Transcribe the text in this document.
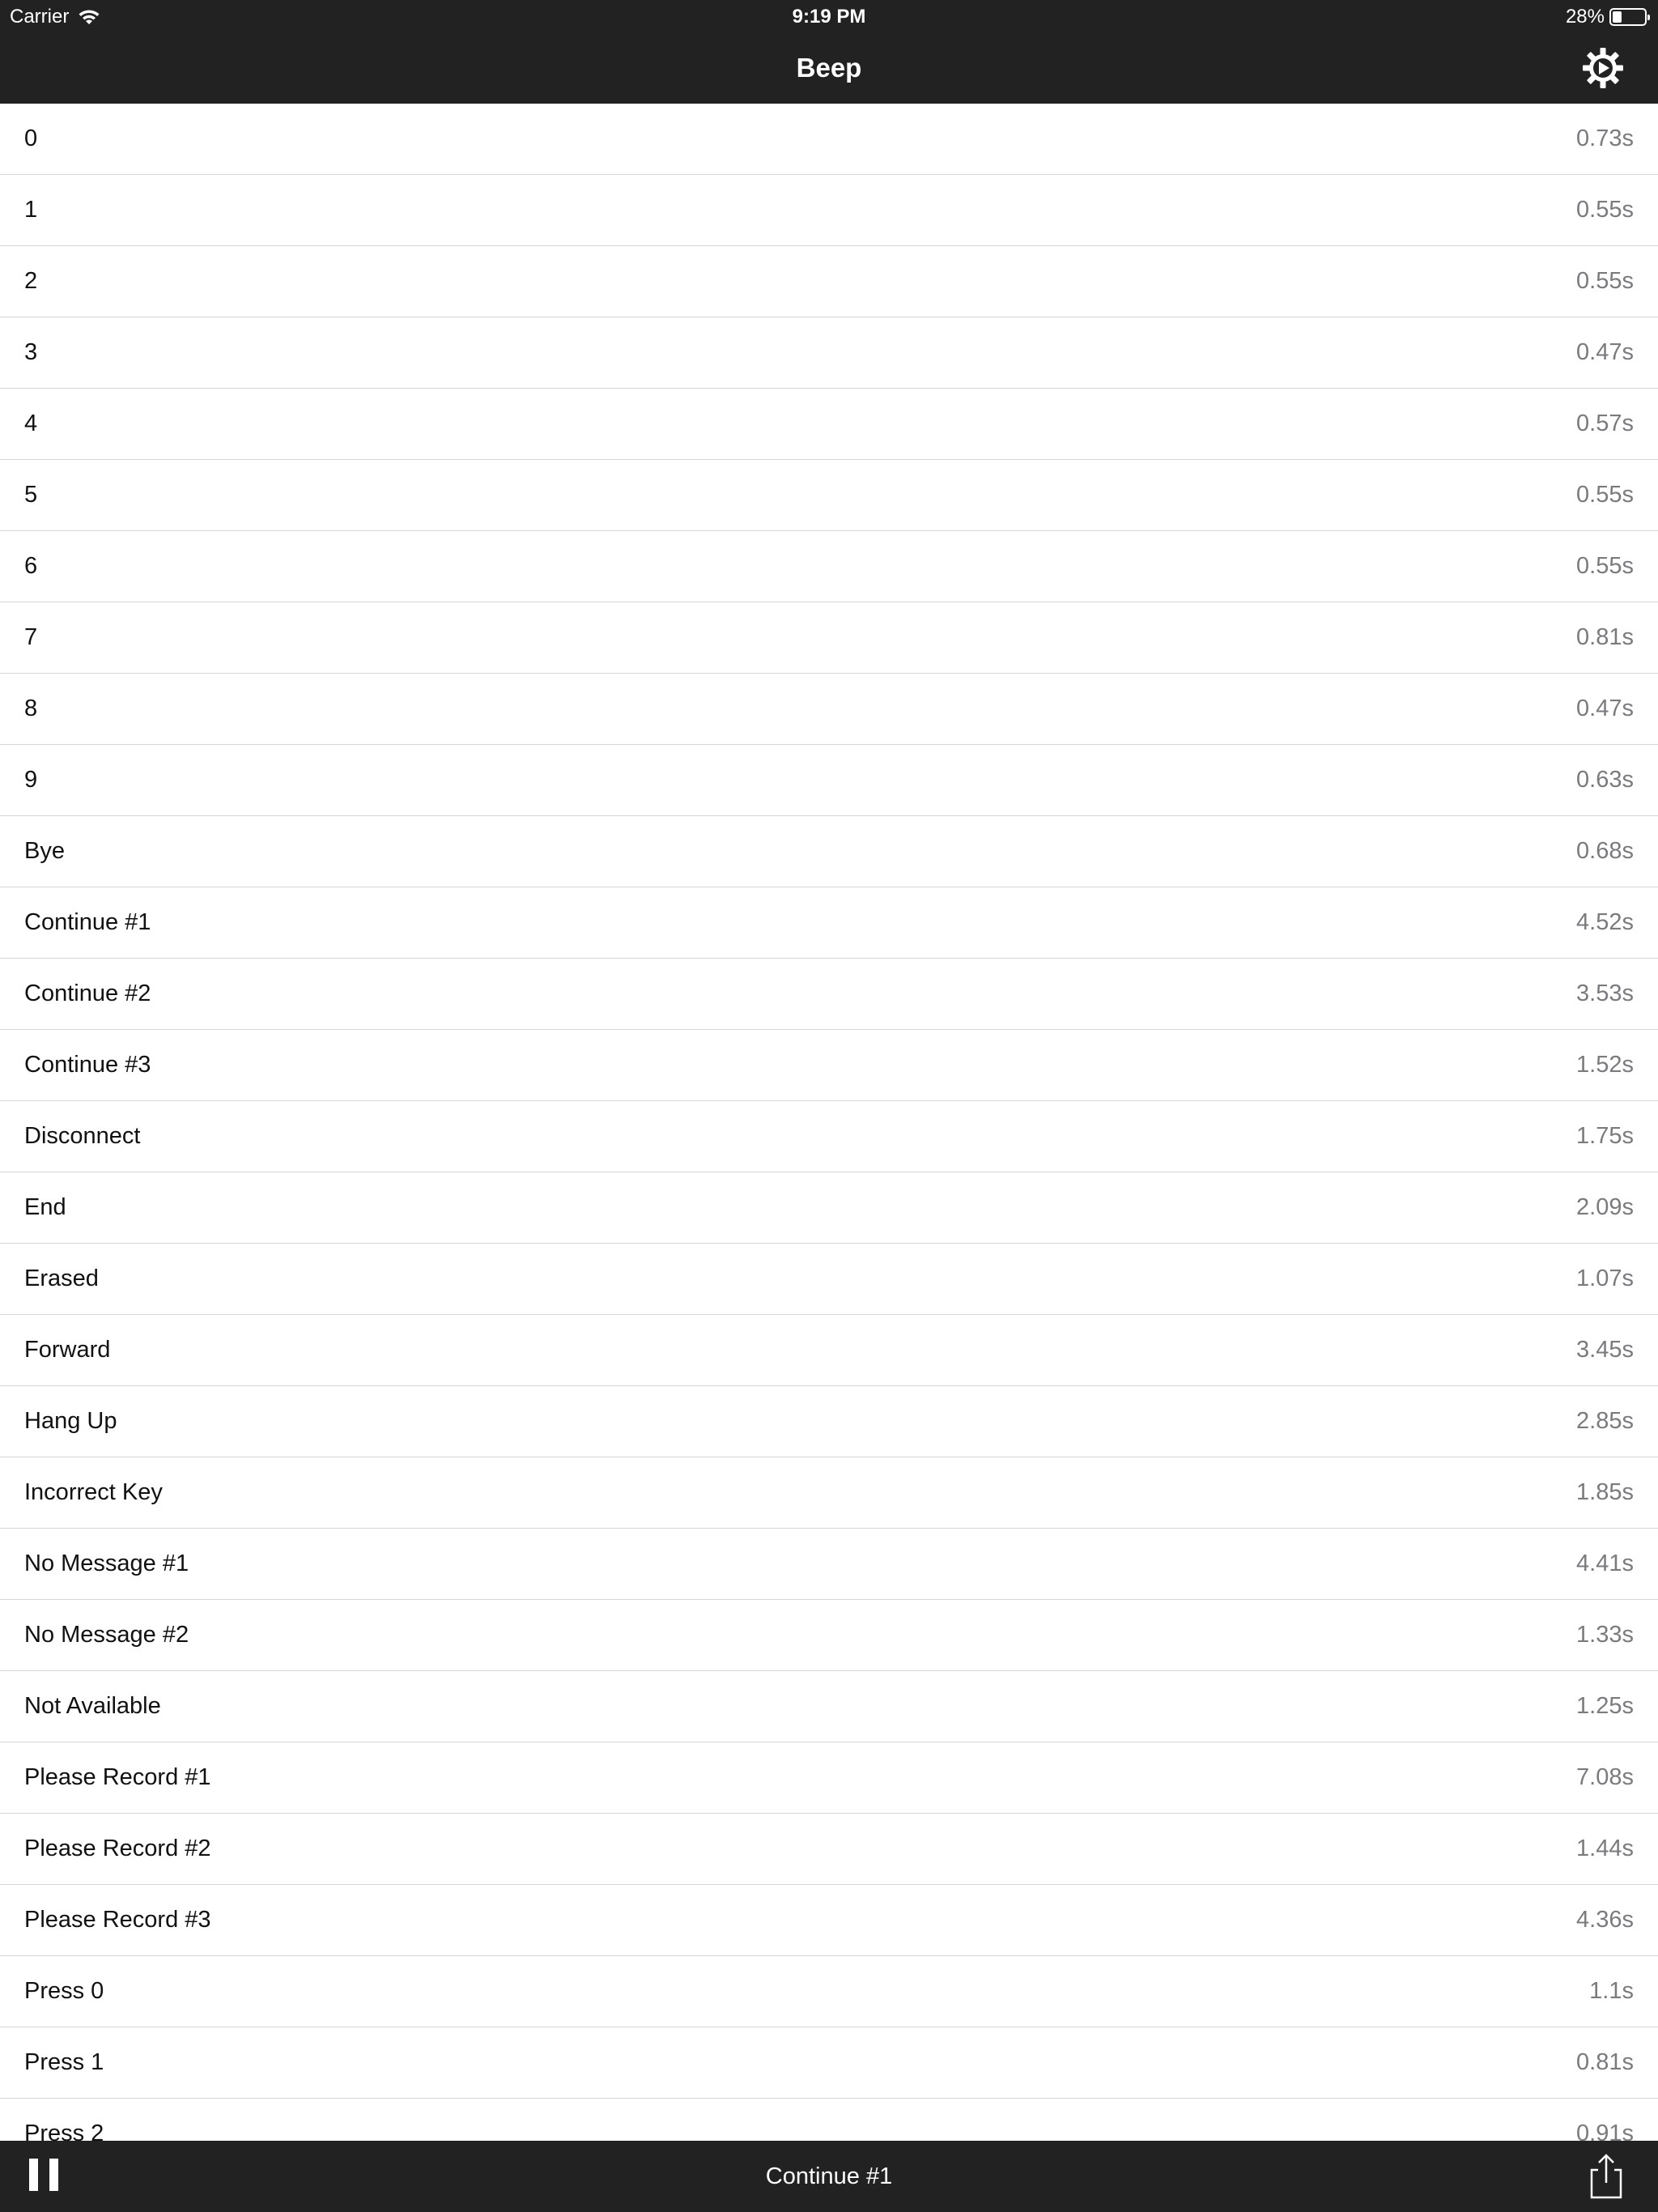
Carrier	9:19 PM	28%
Beep
0	0.73s
1	0.55s
2	0.55s
3	0.47s
4	0.57s
5	0.55s
6	0.55s
7	0.81s
8	0.47s
9	0.63s
Bye	0.68s
Continue #1	4.52s
Continue #2	3.53s
Continue #3	1.52s
Disconnect	1.75s
End	2.09s
Erased	1.07s
Forward	3.45s
Hang Up	2.85s
Incorrect Key	1.85s
No Message #1	4.41s
No Message #2	1.33s
Not Available	1.25s
Please Record #1	7.08s
Please Record #2	1.44s
Please Record #3	4.36s
Press 0	1.1s
Press 1	0.81s
Press 2	0.91s
Continue #1
